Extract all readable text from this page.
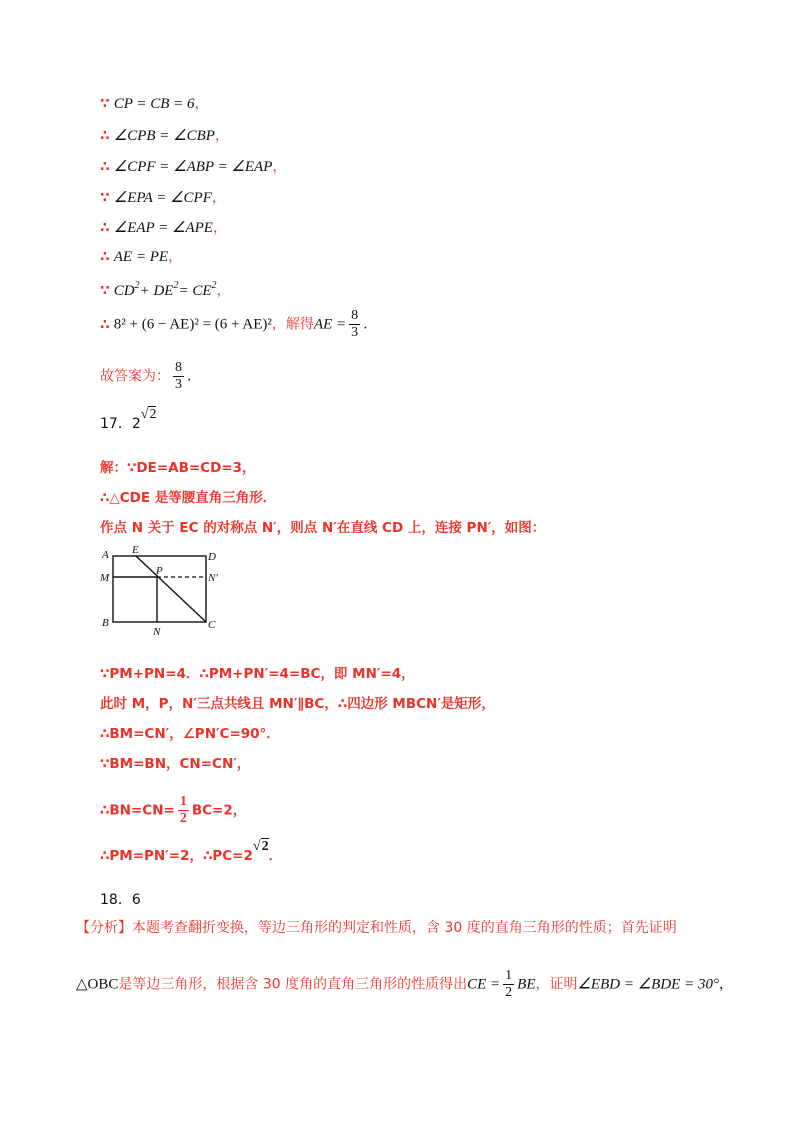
∵ CP = CB = 6，
∴ ∠CPB = ∠CBP，
∴ ∠CPF = ∠ABP = ∠EAP，
∵ ∠EPA = ∠CPF，
∴ ∠EAP = ∠APE，
∴ AE = PE，
∵ $CD^2+ DE^2= CE^2$，
∴ 8² + (6 − AE)² = (6 + AE)²，解得AE = $\frac{8}{3}$ .
故答案为： $\frac{8}{3}$ .
17．2√2
解：∵DE=AB=CD=3，
∴△CDE 是等腰直角三角形．
作点 N 关于 EC 的对称点 N′，则点 N′在直线 CD 上，连接 PN′，如图：
A E
D
M
P
N′
B
N
C
∵PM+PN=4．∴PM+PN′=4=BC，即 MN′=4，
此时 M，P，N′三点共线且 MN′∥BC，∴四边形 MBCN′是矩形，
∴BM=CN′，∠PN′C=90°．
∵BM=BN，CN=CN′，
∴BN=CN= $\frac{1}{2} BC=2$，
∴PM=PN′=2，∴PC=2√2．
18．6
【分析】本题考查翻折变换，等边三角形的判定和性质，含 30 度的直角三角形的性质；首先证明
△OBC是等边三角形，根据含 30 度角的直角三角形的性质得出CE = $\frac{1}{2}$ BE，证明∠EBD = ∠BDE = 30°，
